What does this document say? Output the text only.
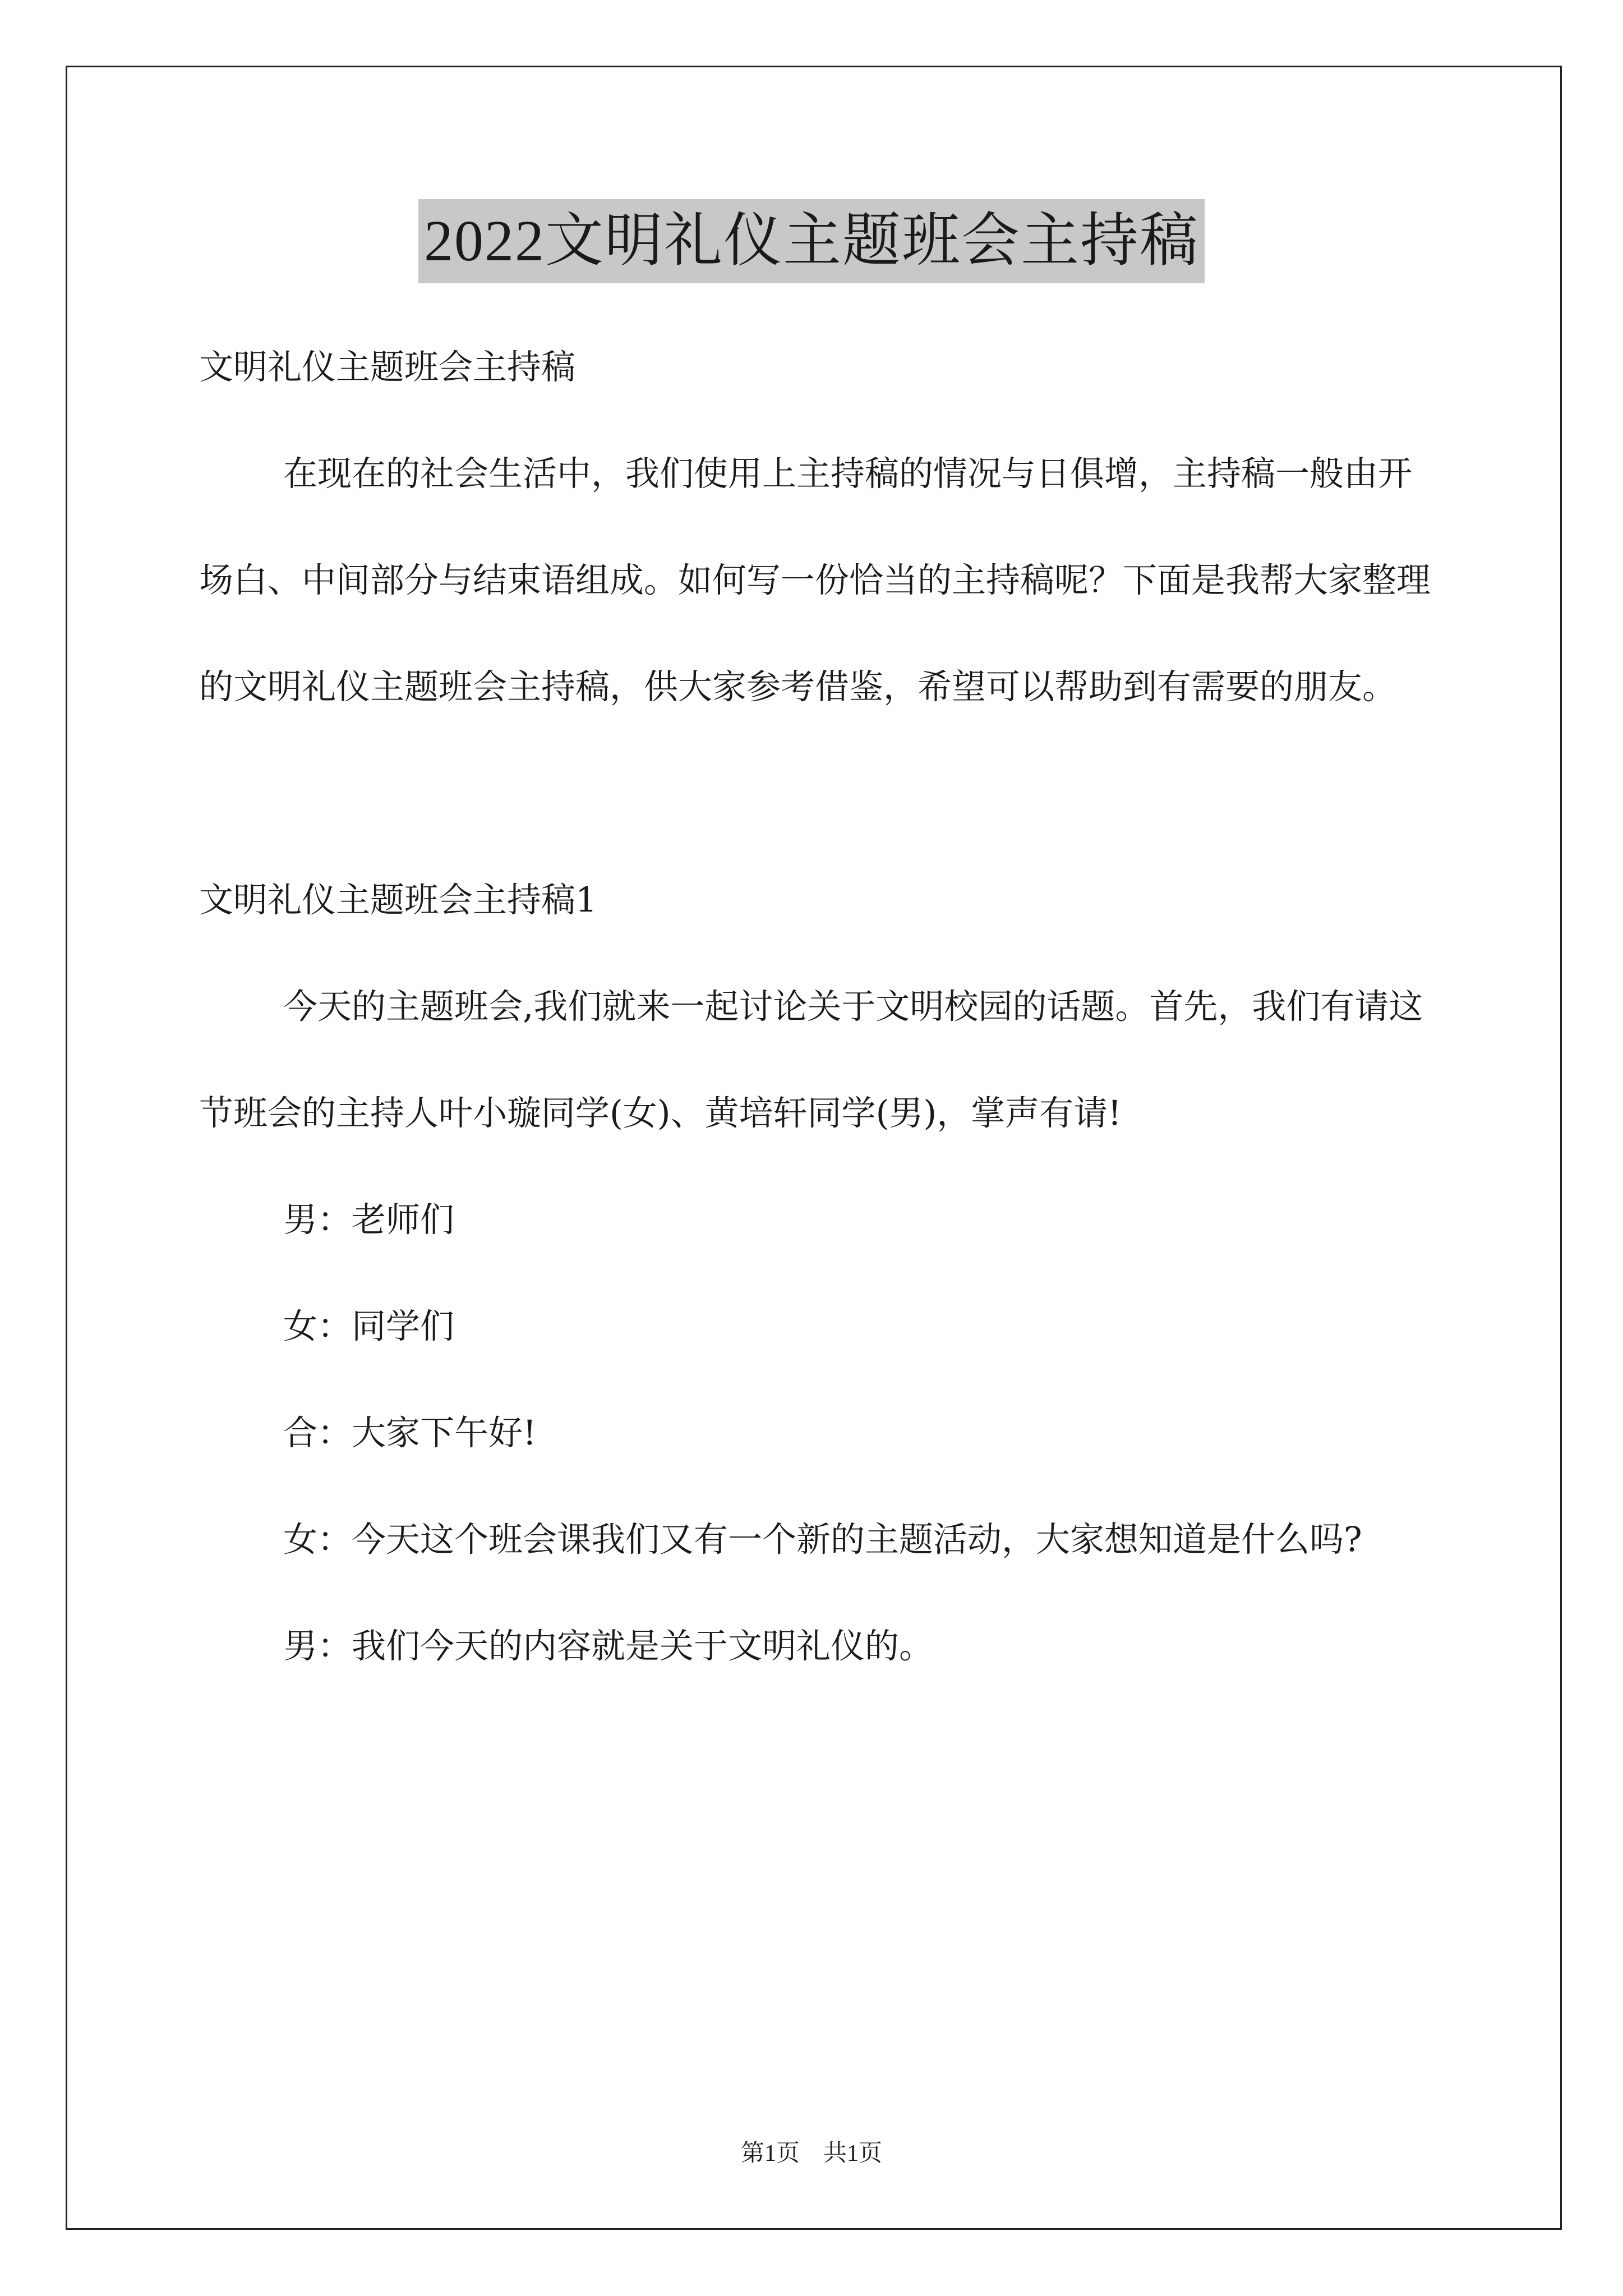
2022文明礼仪主题班会主持稿

文明礼仪主题班会主持稿

在现在的社会生活中，我们使用上主持稿的情况与日俱增，主持稿一般由开场白、中间部分与结束语组成。如何写一份恰当的主持稿呢？下面是我帮大家整理的文明礼仪主题班会主持稿，供大家参考借鉴，希望可以帮助到有需要的朋友。

文明礼仪主题班会主持稿1

今天的主题班会,我们就来一起讨论关于文明校园的话题。首先，我们有请这节班会的主持人叶小璇同学(女)、黄培轩同学(男)，掌声有请!

男：老师们

女：同学们

合：大家下午好!

女：今天这个班会课我们又有一个新的主题活动，大家想知道是什么吗?

男：我们今天的内容就是关于文明礼仪的。

第1页　共1页
